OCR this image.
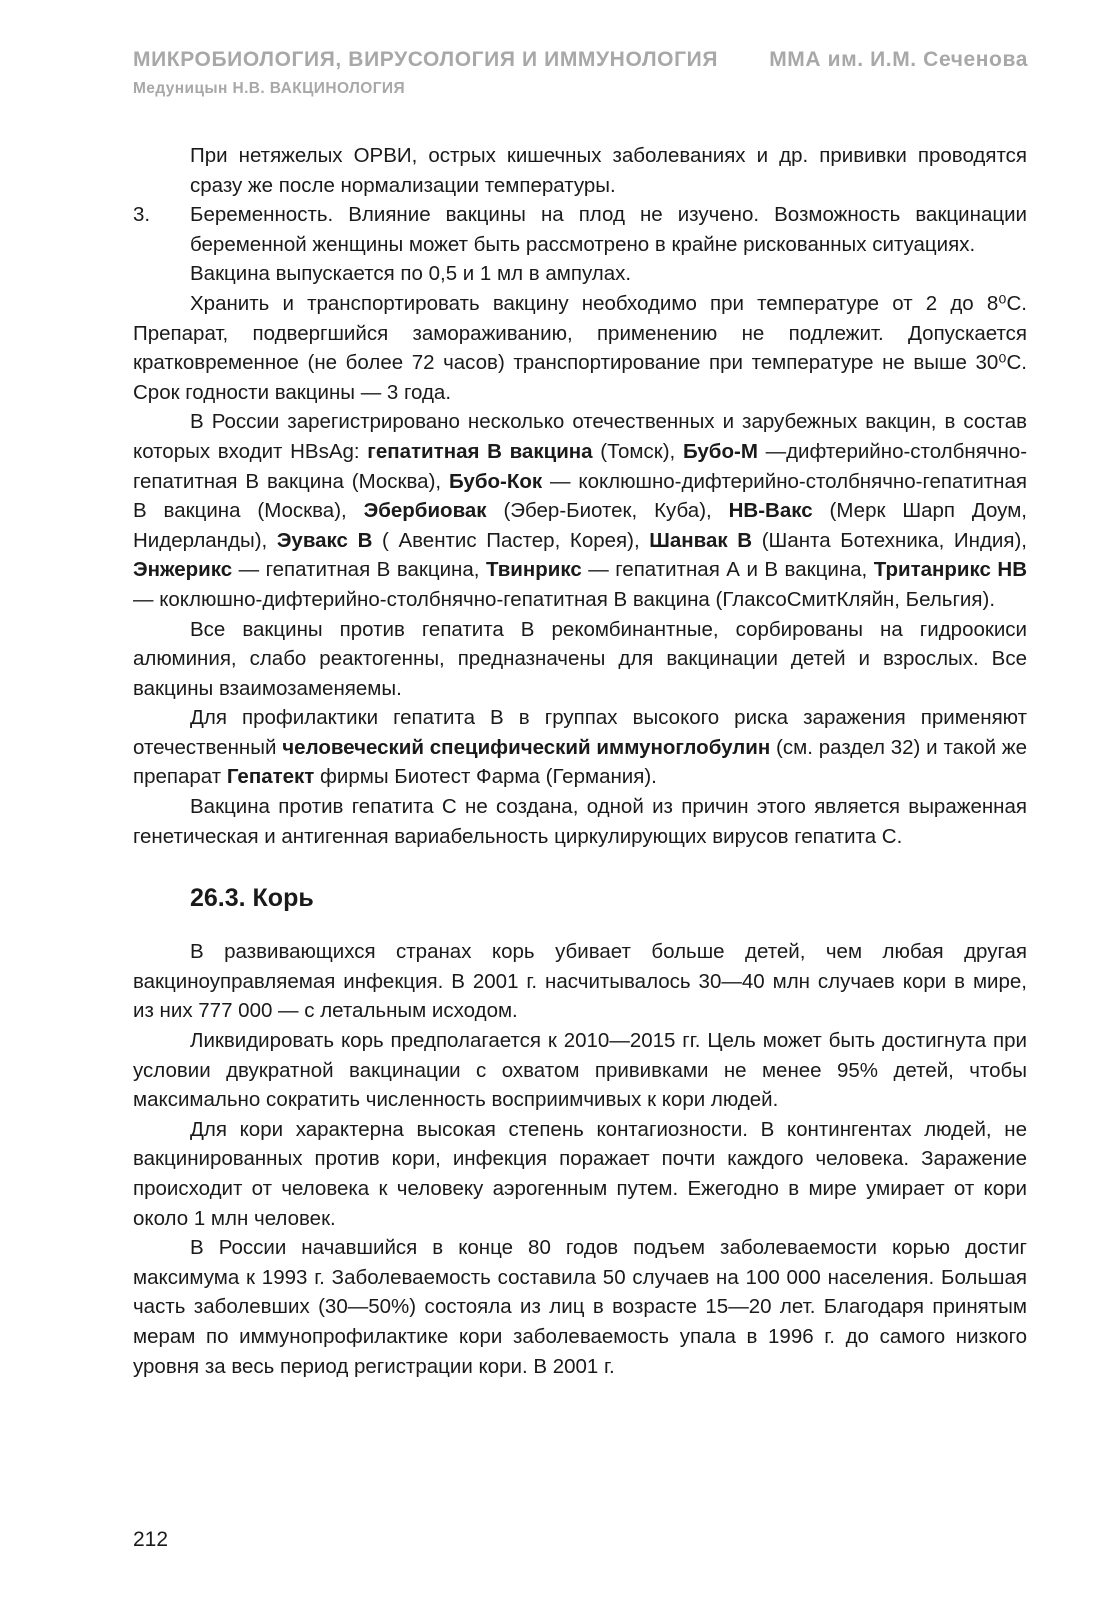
МИКРОБИОЛОГИЯ, ВИРУСОЛОГИЯ И ИММУНОЛОГИЯ ММА им. И.М. Сеченова
Медуницын Н.В. ВАКЦИНОЛОГИЯ

При нетяжелых ОРВИ, острых кишечных заболеваниях и др. прививки проводятся сразу же после нормализации температуры.

3.	Беременность. Влияние вакцины на плод не изучено. Возможность вакцинации беременной женщины может быть рассмотрено в крайне рискованных ситуациях.

Вакцина выпускается по 0,5 и 1 мл в ампулах.

Хранить и транспортировать вакцину необходимо при температуре от 2 до 8⁰С. Препарат, подвергшийся замораживанию, применению не подлежит. Допускается кратковременное (не более 72 часов) транспортирование при температуре не выше 30⁰С. Срок годности вакцины — 3 года.

В России зарегистрировано несколько отечественных и зарубежных вакцин, в состав которых входит HBsAg: гепатитная В вакцина (Томск), Бубо-М —дифтерийно-столбнячно-гепатитная В вакцина (Москва), Бубо-Кок — коклюшно-дифтерийно-столбнячно-гепатитная В вакцина (Москва), Эбербиовак (Эбер-Биотек, Куба), НВ-Вакс (Мерк Шарп Доум, Нидерланды), Эувакс В ( Авентис Пастер, Корея), Шанвак В (Шанта Ботехника, Индия), Энжерикс — гепатитная В вакцина, Твинрикс — гепатитная А и В вакцина, Тританрикс НВ — коклюшно-дифтерийно-столбнячно-гепатитная В вакцина (ГлаксоСмитКляйн, Бельгия).

Все вакцины против гепатита В рекомбинантные, сорбированы на гидроокиси алюминия, слабо реактогенны, предназначены для вакцинации детей и взрослых. Все вакцины взаимозаменяемы.

Для профилактики гепатита В в группах высокого риска заражения применяют отечественный человеческий специфический иммуноглобулин (см. раздел 32) и такой же препарат Гепатект фирмы Биотест Фарма (Германия).

Вакцина против гепатита С не создана, одной из причин этого является выраженная генетическая и антигенная вариабельность циркулирующих вирусов гепатита С.

26.3. Корь

В развивающихся странах корь убивает больше детей, чем любая другая вакциноуправляемая инфекция. В 2001 г. насчитывалось 30—40 млн случаев кори в мире, из них 777 000 — с летальным исходом.

Ликвидировать корь предполагается к 2010—2015 гг. Цель может быть достигнута при условии двукратной вакцинации с охватом прививками не менее 95% детей, чтобы максимально сократить численность восприимчивых к кори людей.

Для кори характерна высокая степень контагиозности. В контингентах людей, не вакцинированных против кори, инфекция поражает почти каждого человека. Заражение происходит от человека к человеку аэрогенным путем. Ежегодно в мире умирает от кори около 1 млн человек.

В России начавшийся в конце 80 годов подъем заболеваемости корью достиг максимума к 1993 г. Заболеваемость составила 50 случаев на 100 000 населения. Большая часть заболевших (30—50%) состояла из лиц в возрасте 15—20 лет. Благодаря принятым мерам по иммунопрофилактике кори заболеваемость упала в 1996 г. до самого низкого уровня за весь период регистрации кори. В 2001 г.

212
